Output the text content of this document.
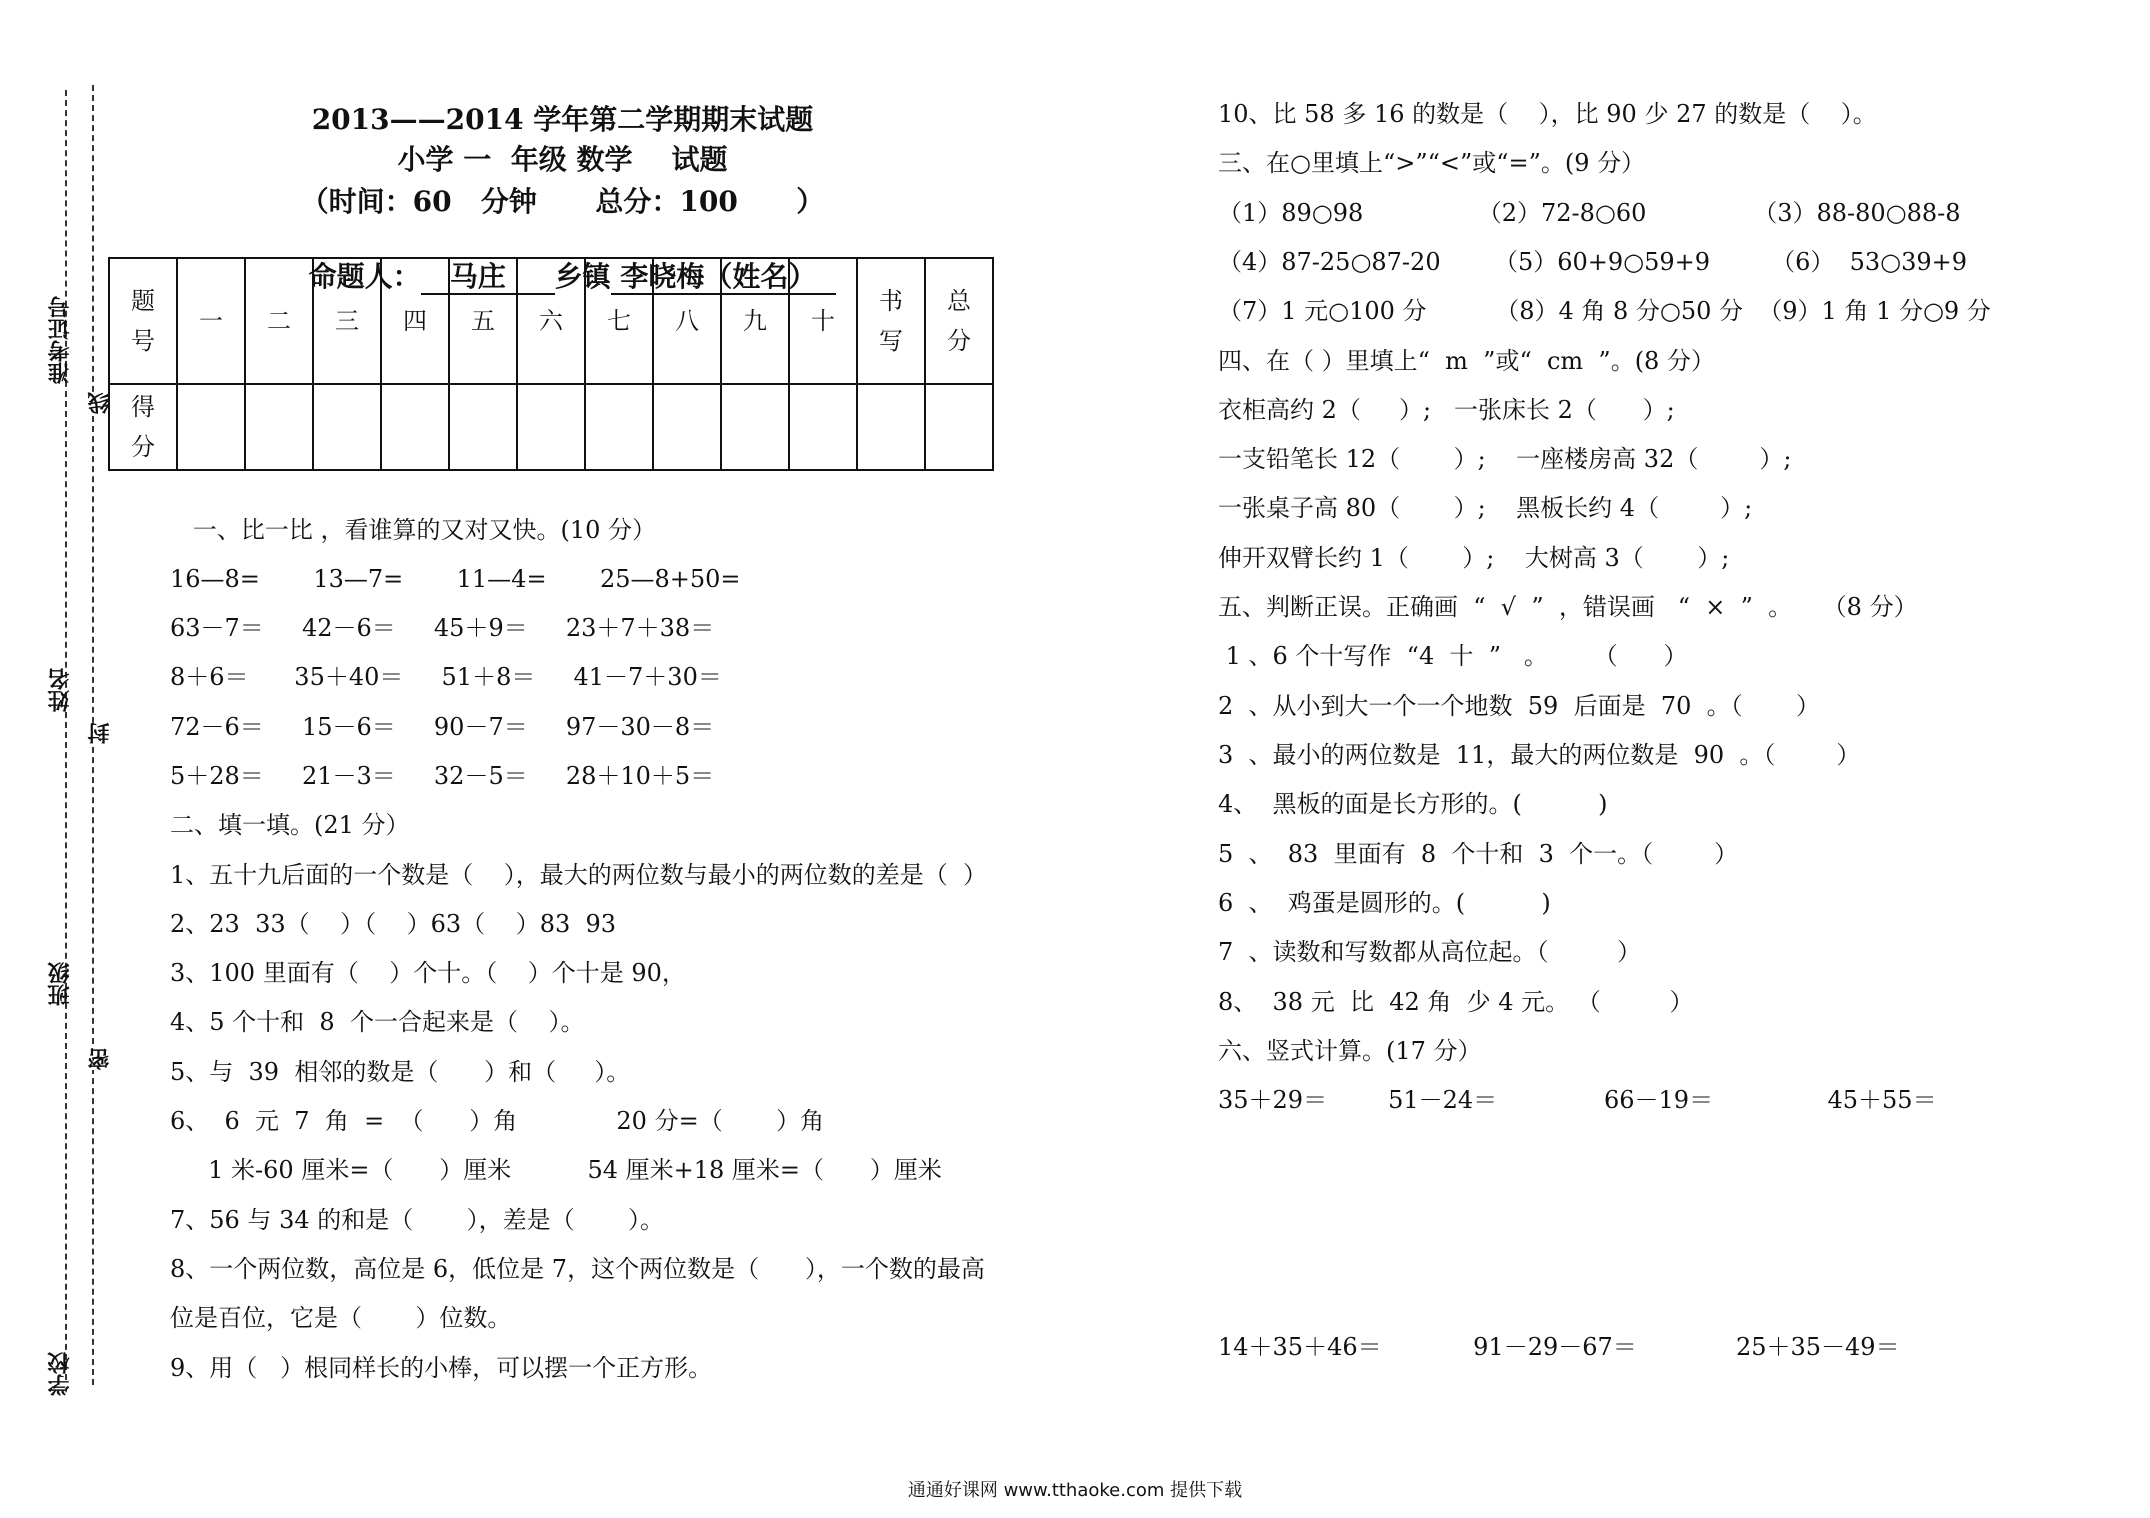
准考证号
姓名
班级
学校
线
封
密
2013——2014 学年第二学期期末试题
小学 一  年级 数学    试题
（时间：60   分钟      总分：100      ）

命题人：   马庄     乡镇 李晓梅（姓名）

题号	一	二	三	四	五	六	七	八	九	十	书写	总分
得分												
一、比一比 ，看谁算的又对又快。(10 分）
16—8=       13—7=       11—4=       25—8+50=
63－7＝     42－6＝     45＋9＝     23＋7＋38＝
8＋6＝      35＋40＝     51＋8＝     41－7＋30＝
72－6＝     15－6＝     90－7＝     97－30－8＝
5＋28＝     21－3＝     32－5＝     28＋10＋5＝
二、填一填。(21 分）
1、五十九后面的一个数是（    ），最大的两位数与最小的两位数的差是（  ）
2、23  33（    ）（    ）63（    ）83  93
3、100 里面有（    ）个十。（    ）个十是 90，
4、5 个十和  8  个一合起来是（    ）。
5、与  39  相邻的数是（      ）和（     ）。
6、  6  元  7  角  =  （      ）角             20 分=（       ）角
1 米-60 厘米=（      ）厘米          54 厘米+18 厘米=（      ）厘米
7、56 与 34 的和是（       ），差是（       ）。
8、一个两位数，高位是 6，低位是 7，这个两位数是（      ），一个数的最高
位是百位，它是（       ）位数。
9、用（   ）根同样长的小棒，可以摆一个正方形。
10、比 58 多 16 的数是（    ），比 90 少 27 的数是（    ）。
三、在○里填上“>”“<”或“=”。(9 分）
（1）89○98               （2）72-8○60              （3）88-80○88-8
（4）87-25○87-20       （5）60+9○59+9        （6）  53○39+9
（7）1 元○100 分         （8）4 角 8 分○50 分  （9）1 角 1 分○9 分
四、在（ ）里填上“  m  ”或“  cm  ”。(8 分）
衣柜高约 2（     ）;   一张床长 2（      ）;
一支铅笔长 12（       ）;    一座楼房高 32（        ）;
一张桌子高 80（       ）;    黑板长约 4（        ）;
伸开双臂长约 1（       ）;    大树高 3（       ）;
五、判断正误。正确画  “  √  ”  ，错误画   “  ×  ”  。    （8 分）
1 、6 个十写作  “4  十  ”   。      （      ）
2  、从小到大一个一个地数  59  后面是  70  。（       ）
3  、最小的两位数是  11，最大的两位数是  90  。（        ）
4、  黑板的面是长方形的。(          )
5  、  83  里面有  8  个十和  3  个一。（        ）
6  、  鸡蛋是圆形的。(          )
7  、读数和写数都从高位起。（         ）
8、  38 元  比  42 角  少 4 元。 （         ）
六、竖式计算。(17 分）
35＋29＝        51－24＝              66－19＝               45＋55＝
14＋35＋46＝            91－29－67＝             25＋35－49＝
通通好课网 www.tthaoke.com 提供下载
